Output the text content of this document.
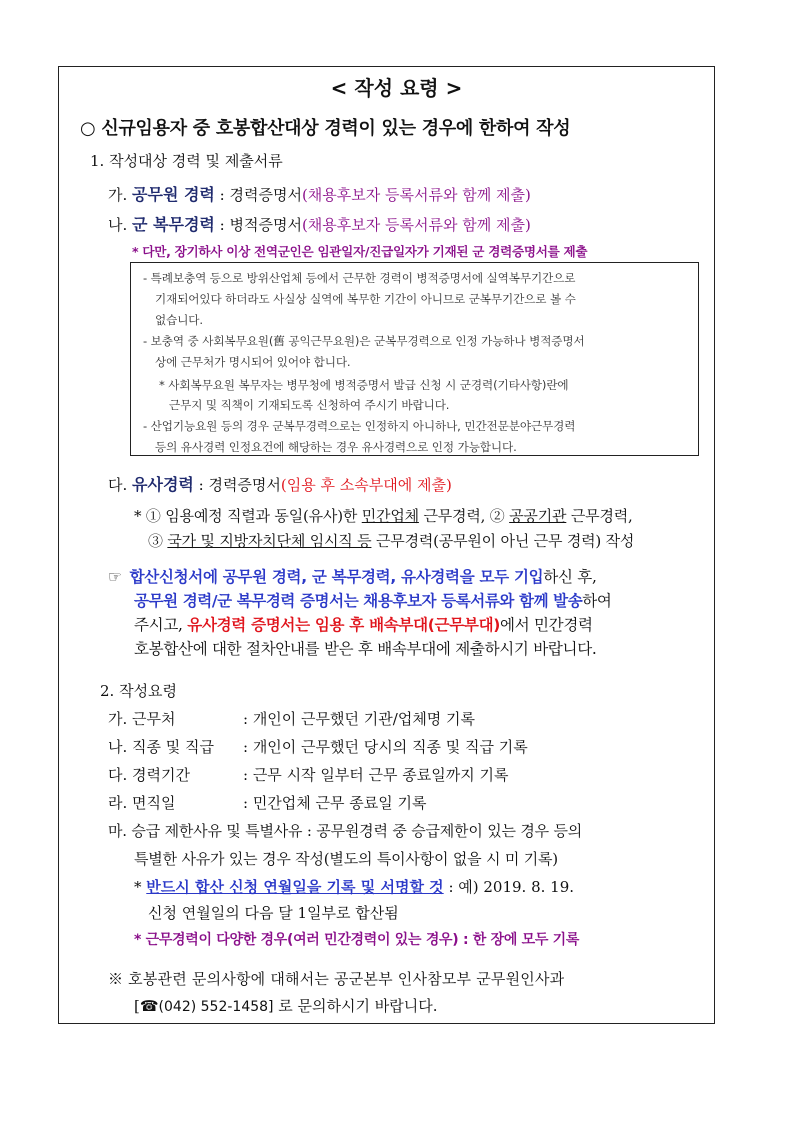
< 작성 요령 >
○ 신규임용자 중 호봉합산대상 경력이 있는 경우에 한하여 작성
1. 작성대상 경력 및 제출서류
가. 공무원 경력 : 경력증명서(채용후보자 등록서류와 함께 제출)
나. 군 복무경력 : 병적증명서(채용후보자 등록서류와 함께 제출)
* 다만, 장기하사 이상 전역군인은 임관일자/진급일자가 기재된 군 경력증명서를 제출
- 특례보충역 등으로 방위산업체 등에서 근무한 경력이 병적증명서에 실역복무기간으로
기재되어있다 하더라도 사실상 실역에 복무한 기간이 아니므로 군복무기간으로 볼 수
없습니다.
- 보충역 중 사회복무요원(舊 공익근무요원)은 군복무경력으로 인정 가능하나 병적증명서
상에 근무처가 명시되어 있어야 합니다.
* 사회복무요원 복무자는 병무청에 병적증명서 발급 신청 시 군경력(기타사항)란에
근무지 및 직책이 기재되도록 신청하여 주시기 바랍니다.
- 산업기능요원 등의 경우 군복무경력으로는 인정하지 아니하나, 민간전문분야근무경력
등의 유사경력 인정요건에 해당하는 경우 유사경력으로 인정 가능합니다.
다. 유사경력 : 경력증명서(임용 후 소속부대에 제출)
* ① 임용예정 직렬과 동일(유사)한 민간업체 근무경력, ② 공공기관 근무경력,
③ 국가 및 지방자치단체 임시직 등 근무경력(공무원이 아닌 근무 경력) 작성
☞ 합산신청서에 공무원 경력, 군 복무경력, 유사경력을 모두 기입하신 후,
공무원 경력/군 복무경력 증명서는 채용후보자 등록서류와 함께 발송하여
주시고, 유사경력 증명서는 임용 후 배속부대(근무부대)에서 민간경력
호봉합산에 대한 절차안내를 받은 후 배속부대에 제출하시기 바랍니다.
2. 작성요령
가. 근무처	: 개인이 근무했던 기관/업체명 기록
나. 직종 및 직급 : 개인이 근무했던 당시의 직종 및 직급 기록
다. 경력기간	: 근무 시작 일부터 근무 종료일까지 기록
라. 면직일	: 민간업체 근무 종료일 기록
마. 승급 제한사유 및 특별사유 : 공무원경력 중 승급제한이 있는 경우 등의
특별한 사유가 있는 경우 작성(별도의 특이사항이 없을 시 미 기록)
* 반드시 합산 신청 연월일을 기록 및 서명할 것 : 예) 2019. 8. 19.
신청 연월일의 다음 달 1일부로 합산됨
* 근무경력이 다양한 경우(여러 민간경력이 있는 경우) : 한 장에 모두 기록
※ 호봉관련 문의사항에 대해서는 공군본부 인사참모부 군무원인사과
[☎(042) 552-1458] 로 문의하시기 바랍니다.
